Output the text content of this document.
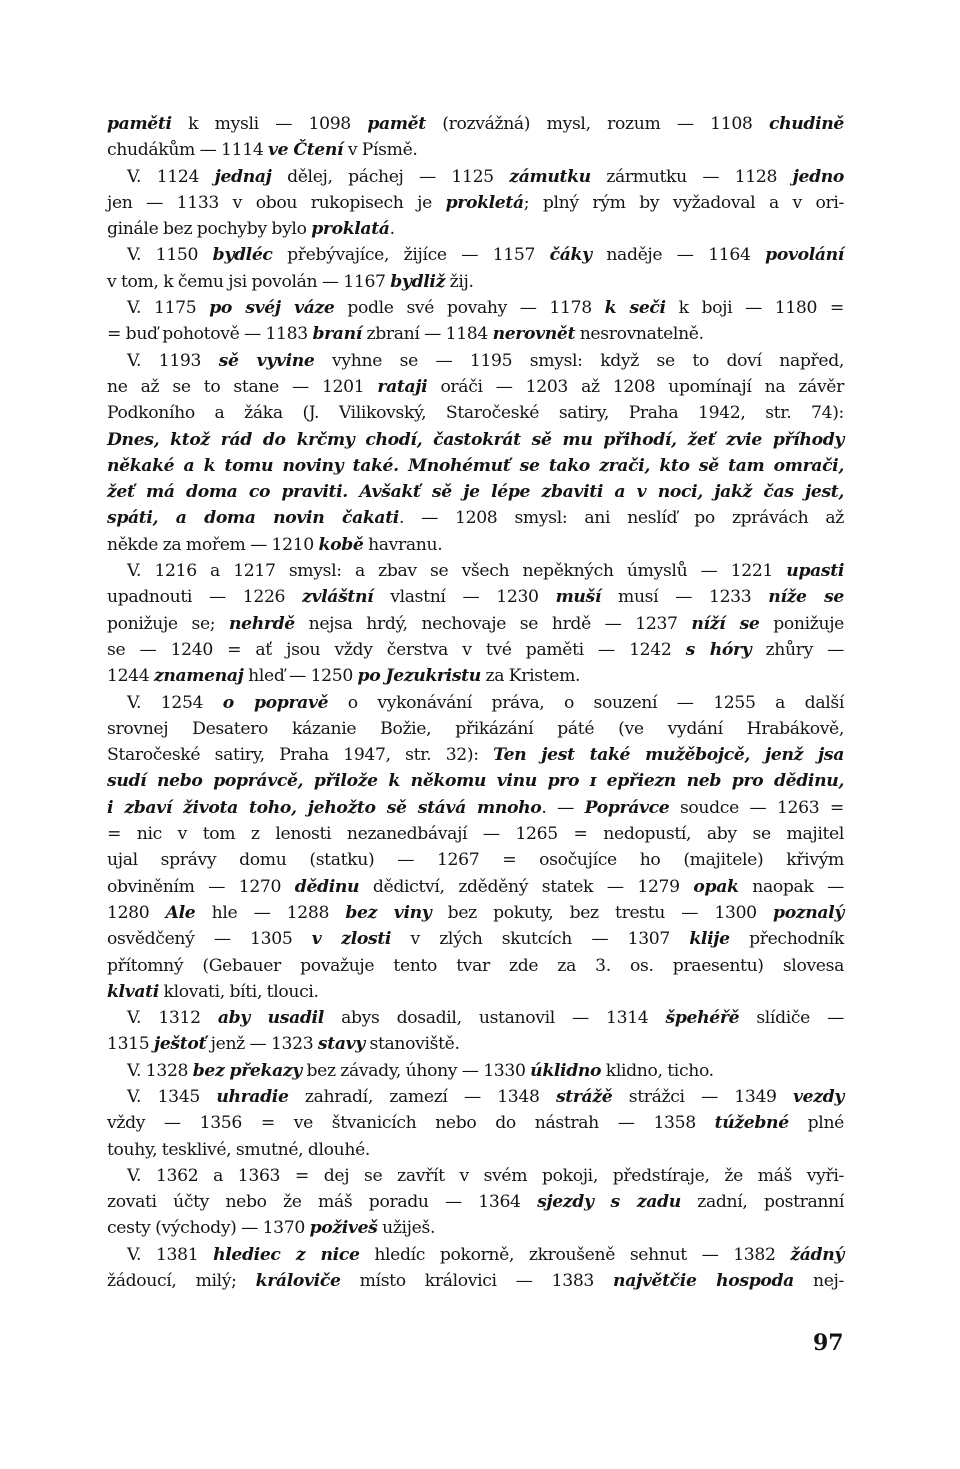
paměti k mysli — 1098 pamět (rozvážná) mysl, rozum — 1108 chudině
chudákům — 1114 ve Čtení v Písmě.
V. 1124 jednaj dělej, páchej — 1125 zámutku zármutku — 1128 jedno
jen — 1133 v obou rukopisech je prokletá; plný rým by vyžadoval a v ori-
ginále bez pochyby bylo proklatá.
V. 1150 bydléc přebývajíce, žijíce — 1157 čáky naděje — 1164 povolání
v tom, k čemu jsi povolán — 1167 bydliž žij.
V. 1175 po svéj váze podle své povahy — 1178 k seči k boji — 1180 =
= buď pohotově — 1183 braní zbraní — 1184 nerovnět nesrovnatelně.
V. 1193 sě vyvine vyhne se — 1195 smysl: když se to doví napřed,
ne až se to stane — 1201 rataji oráči — 1203 až 1208 upomínají na závěr
Podkoního a žáka (J. Vilikovský, Staročeské satiry, Praha 1942, str. 74):
Dnes, ktož rád do krčmy chodí, častokrát sě mu přihodí, žeť zvie příhody
někaké a k tomu noviny také. Mnohémuť se tako zrači, kto sě tam omrači,
žeť má doma co praviti. Avšakť sě je lépe zbaviti a v noci, jakž čas jest,
spáti, a doma novin čakati. — 1208 smysl: ani neslíď po zprávách až
někde za mořem — 1210 kobě havranu.
V. 1216 a 1217 smysl: a zbav se všech nepěkných úmyslů — 1221 upasti
upadnouti — 1226 zvláštní vlastní — 1230 muší musí — 1233 níže se
ponižuje se; nehrdě nejsa hrdý, nechovaje se hrdě — 1237 níží se ponižuje
se — 1240 = ať jsou vždy čerstva v tvé paměti — 1242 s hóry zhůry —
1244 znamenaj hleď — 1250 po Jezukristu za Kristem.
V. 1254 o popravě o vykonávání práva, o souzení — 1255 a další
srovnej Desatero kázanie Božie, přikázání páté (ve vydání Hrabákově,
Staročeské satiry, Praha 1947, str. 32): Ten jest také mužěbojcě, jenž jsa
sudí nebo poprávcě, přilože k někomu vinu pro ɪ epřiezn neb pro dědinu,
i zbaví života toho, jehožto sě stává mnoho. — Poprávce soudce — 1263 =
= nic v tom z lenosti nezanedbávají — 1265 = nedopustí, aby se majitel
ujal správy domu (statku) — 1267 = osočujíce ho (majitele) křivým
obviněním — 1270 dědinu dědictví, zděděný statek — 1279 opak naopak —
1280 Ale hle — 1288 bez viny bez pokuty, bez trestu — 1300 poznalý
osvědčený — 1305 v zlosti v zlých skutcích — 1307 klije přechodník
přítomný (Gebauer považuje tento tvar zde za 3. os. praesentu) slovesa
klvati klovati, bíti, tlouci.
V. 1312 aby usadil abys dosadil, ustanovil — 1314 špehéřě slídiče —
1315 ještoť jenž — 1323 stavy stanoviště.
V. 1328 bez překazy bez závady, úhony — 1330 úklidno klidno, ticho.
V. 1345 uhradie zahradí, zamezí — 1348 strážě strážci — 1349 vezdy
vždy — 1356 = ve štvanicích nebo do nástrah — 1358 túžebné plné
touhy, tesklivé, smutné, dlouhé.
V. 1362 a 1363 = dej se zavřít v svém pokoji, předstíraje, že máš vyři-
zovati účty nebo že máš poradu — 1364 sjezdy s zadu zadní, postranní
cesty (východy) — 1370 poživeš užiješ.
V. 1381 hlediec z nice hledíc pokorně, zkroušeně sehnut — 1382 žádný
žádoucí, milý; královiče místo královici — 1383 najvětčie hospoda nej-
97
